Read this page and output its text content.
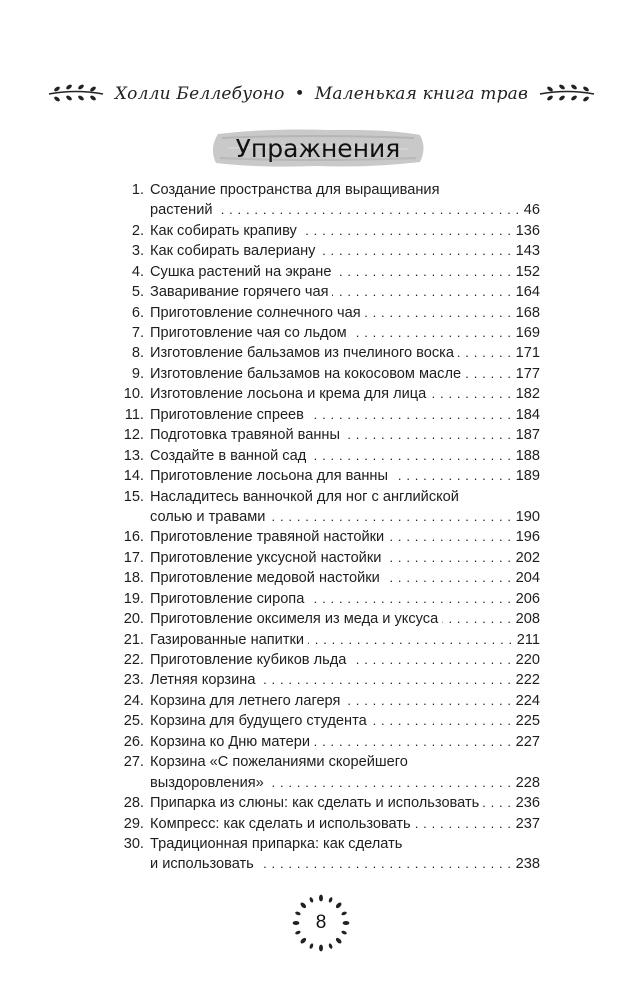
Холли Беллебуоно • Маленькая книга трав
Упражнения
1. Создание пространства для выращивания
растений . . .	46
2. Как собирать крапиву . . .	136
3. Как собирать валериану . . .	143
4. Сушка растений на экране . . .	152
5. Заваривание горячего чая . . .	164
6. Приготовление солнечного чая . . .	168
7. Приготовление чая со льдом . . .	169
8. Изготовление бальзамов из пчелиного воска . . .	171
9. Изготовление бальзамов на кокосовом масле . . .	177
10. Изготовление лосьона и крема для лица . . .	182
11. Приготовление спреев . . .	184
12. Подготовка травяной ванны . . .	187
13. Создайте в ванной сад . . .	188
14. Приготовление лосьона для ванны . . .	189
15. Насладитесь ванночкой для ног с английской
солью и травами . . .	190
16. Приготовление травяной настойки . . .	196
17. Приготовление уксусной настойки . . .	202
18. Приготовление медовой настойки . . .	204
19. Приготовление сиропа . . .	206
20. Приготовление оксимеля из меда и уксуса . . .	208
21. Газированные напитки . . .	211
22. Приготовление кубиков льда . . .	220
23. Летняя корзина . . .	222
24. Корзина для летнего лагеря . . .	224
25. Корзина для будущего студента . . .	225
26. Корзина ко Дню матери . . .	227
27. Корзина «С пожеланиями скорейшего
выздоровления» . . .	228
28. Припарка из слюны: как сделать и использовать . . . 236
29. Компресс: как сделать и использовать . . .	237
30. Традиционная припарка: как сделать
и использовать . . .	238
8
